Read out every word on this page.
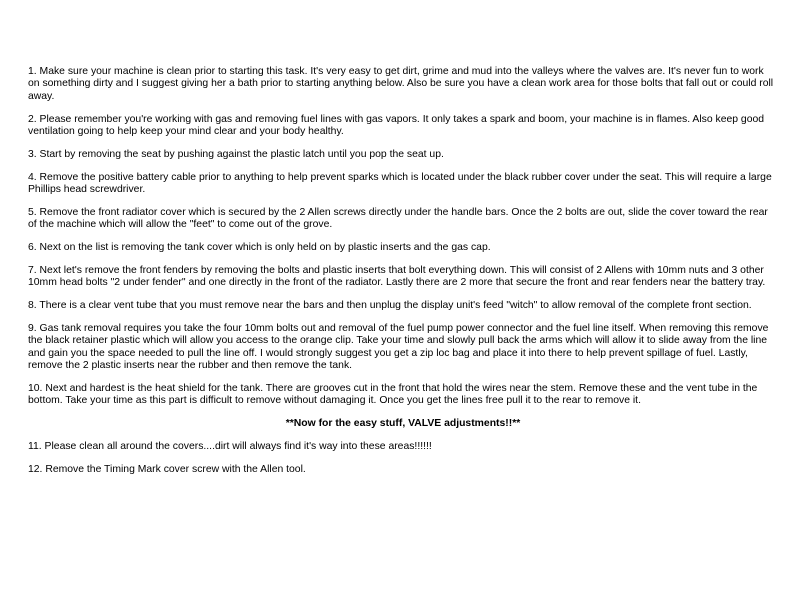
1. Make sure your machine is clean prior to starting this task. It's very easy to get dirt, grime and mud into the valleys where the valves are. It's never fun to work on something dirty and I suggest giving her a bath prior to starting anything below. Also be sure you have a clean work area for those bolts that fall out or could roll away.

2. Please remember you're working with gas and removing fuel lines with gas vapors. It only takes a spark and boom, your machine is in flames. Also keep good ventilation going to help keep your mind clear and your body healthy.

3. Start by removing the seat by pushing against the plastic latch until you pop the seat up.

4. Remove the positive battery cable prior to anything to help prevent sparks which is located under the black rubber cover under the seat. This will require a large Phillips head screwdriver.

5. Remove the front radiator cover which is secured by the 2 Allen screws directly under the handle bars. Once the 2 bolts are out, slide the cover toward the rear of the machine which will allow the "feet" to come out of the grove.

6. Next on the list is removing the tank cover which is only held on by plastic inserts and the gas cap.

7. Next let's remove the front fenders by removing the bolts and plastic inserts that bolt everything down. This will consist of 2 Allens with 10mm nuts and 3 other 10mm head bolts "2 under fender" and one directly in the front of the radiator. Lastly there are 2 more that secure the front and rear fenders near the battery tray.

8. There is a clear vent tube that you must remove near the bars and then unplug the display unit's feed "witch" to allow removal of the complete front section.

9. Gas tank removal requires you take the four 10mm bolts out and removal of the fuel pump power connector and the fuel line itself. When removing this remove the black retainer plastic which will allow you access to the orange clip. Take your time and slowly pull back the arms which will allow it to slide away from the line and gain you the space needed to pull the line off. I would strongly suggest you get a zip loc bag and place it into there to help prevent spillage of fuel. Lastly, remove the 2 plastic inserts near the rubber and then remove the tank.

10. Next and hardest is the heat shield for the tank. There are grooves cut in the front that hold the wires near the stem. Remove these and the vent tube in the bottom. Take your time as this part is difficult to remove without damaging it. Once you get the lines free pull it to the rear to remove it.

**Now for the easy stuff, VALVE adjustments!!**

11. Please clean all around the covers....dirt will always find it's way into these areas!!!!!!

12. Remove the Timing Mark cover screw with the Allen tool.
